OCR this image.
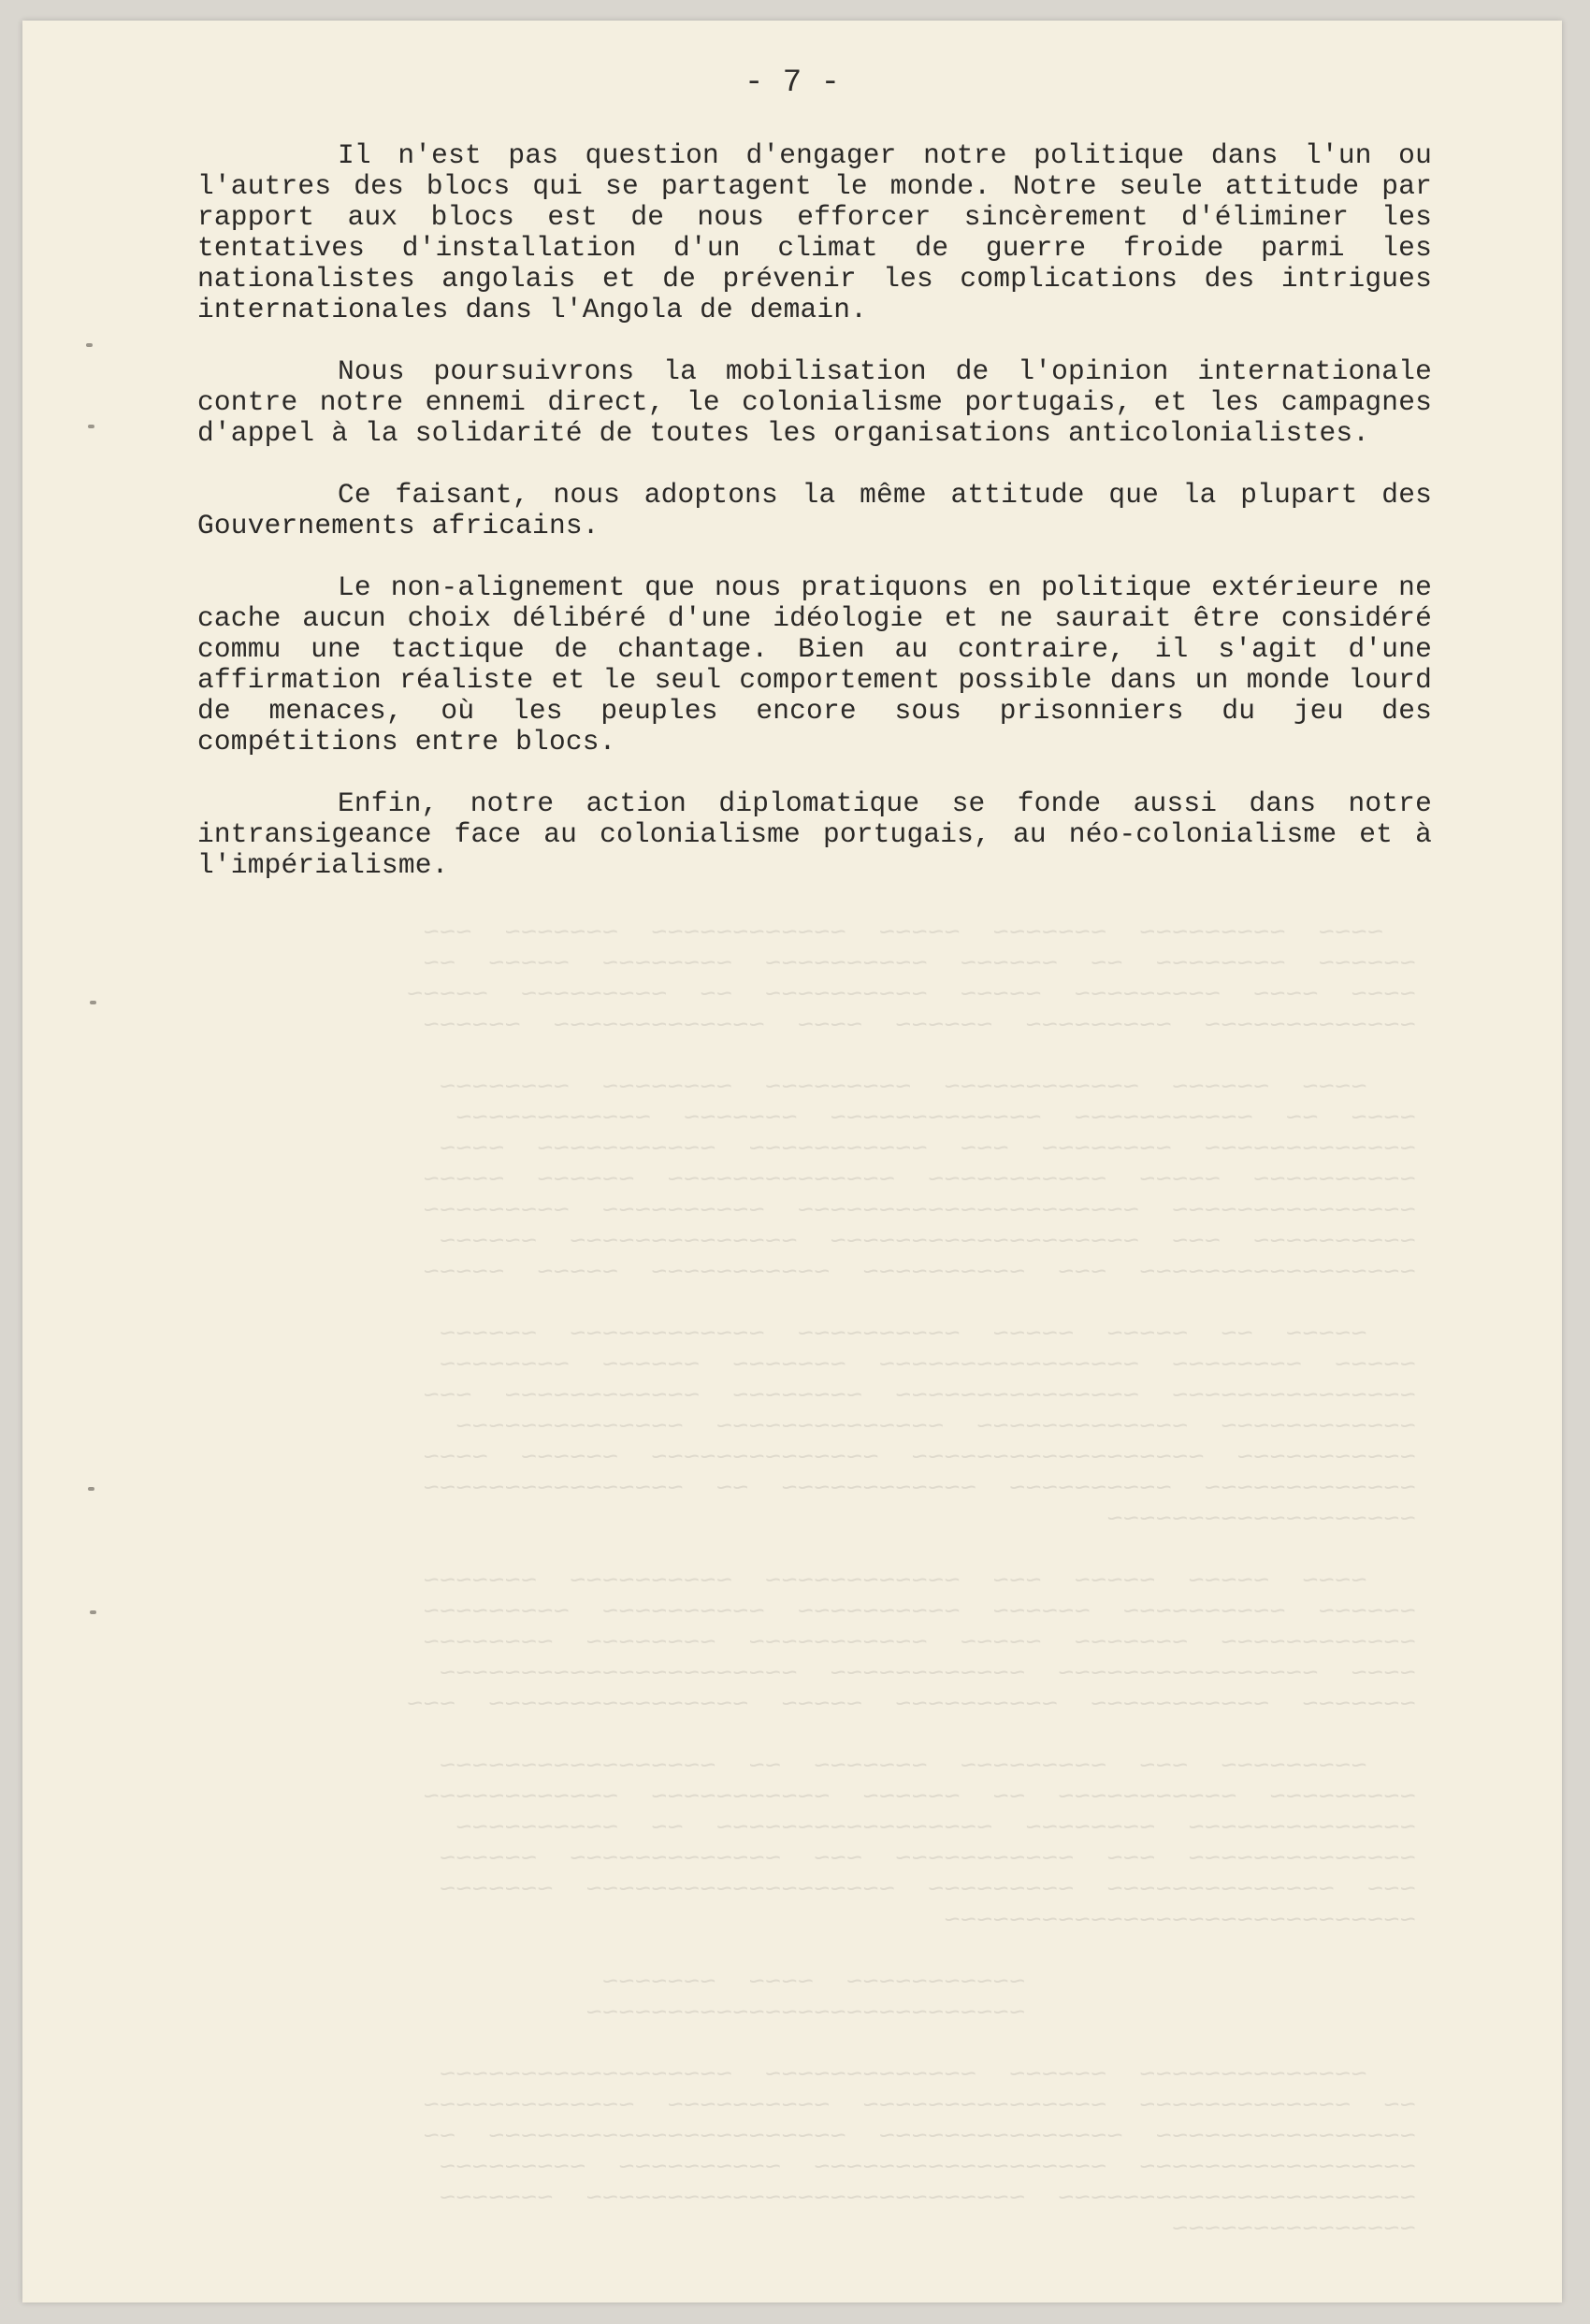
~~~~  ~~~~~~~~~  ~~~~~~~  ~~~~~  ~~~~~~~~~~~~  ~~~~~~~  ~~~
~~~~~~  ~~~~~~~~  ~~  ~~~~~~  ~~~~~~~~~~  ~~~~~~~~  ~~~~~  ~~
~~~~  ~~~~  ~~~~~~~~~  ~~~~~  ~~~~~~~~~~  ~~  ~~~~~~~~~  ~~~~~
~~~~~~~~~~~~~  ~~~~~~~~~  ~~~~~~  ~~~~  ~~~~~~~~~~~~~  ~~~~~~

~~~~  ~~~~~~  ~~~~~~~~~~~~  ~~~~~~~~~  ~~~~~~~~  ~~~~~~~~
~~~~  ~~  ~~~~~~~~~~~  ~~~~~~~~~~~~~  ~~~~~~~  ~~~~~~~~~~~~
~~~~~~~~~~~~~  ~~~~~~~~  ~~~  ~~~~~~~~~~~  ~~~~~~~~~~~  ~~~~
~~~~~~~~~~  ~~~~~  ~~~~~~~~~~~  ~~~~~~~~~~~~~~  ~~~~~~  ~~~~~
~~~~~~~~~~~~~~~  ~~~~~~~~~~~~~~~~~~~~~  ~~~~~~~~~~  ~~~~~~~~~
~~~~~~~~~~  ~~~  ~~~~~~~~~~~~~~~~~~~  ~~~~~~~~~~~~~~  ~~~~~~
~~~~~~~~~~~~~~~~~  ~~~  ~~~~~~~~~~  ~~~~~~~~~~~  ~~~~~  ~~~~~

~~~~~  ~~  ~~~~~  ~~~~~  ~~~~~~~~~~  ~~~~~~~~~~~~  ~~~~~~
~~~~~  ~~~~~~~~  ~~~~~~~~~~~~~~~~  ~~~~~~~  ~~~~~~  ~~~~~~~~
~~~~~~~~~~~~~~~  ~~~~~~~~~~~~~~~  ~~~~~~~~  ~~~~~~~~~~~~  ~~~
~~~~~~~~~~~~  ~~~~~~~~~~~~~  ~~~~~~~~~~~~~~  ~~~~~~~~~~~~~~
~~~~~~~~~~~  ~~~~~~~~~~~~~~~~~~  ~~~~~~~~~~~~~~  ~~~~~~  ~~~~
~~~~~~~~~~~~~  ~~~~~~~~~~  ~~~~~~~~~~~~  ~~  ~~~~~~~~~~~~~~~~
~~~~~~~~~~~~~~~~~~~

~~~~  ~~~~~  ~~~~~  ~~~  ~~~~~~~~~~~~  ~~~~~~~~~~  ~~~~~~~
~~~~~~  ~~~~~~~~~~  ~~~~~~  ~~~~~~~~~~  ~~~~~~~~~~  ~~~~~~~~~
~~~~~~~~~~~~  ~~~~~~~  ~~~~~  ~~~~~~~~~~~  ~~~~~~~~  ~~~~~~~~
~~~~  ~~~~~~~~~~~~~~~~  ~~~~~~~~~~~~  ~~~~~~~~~~~~~~~~~~~~~~
~~~~~~~  ~~~~~~~~~~~  ~~~~~~~~~~  ~~~~~  ~~~~~~~~~~~~~~~~  ~~~

~~~~~~~~~  ~~~  ~~~~~~~~~  ~~~~~~~  ~~  ~~~~~~~~~~~~~~~~~
~~~~~~~~~  ~~~~~~~~~~~  ~~  ~~~~~~  ~~~~~~~~~~~  ~~~~~~~~~~~~
~~~~~~~~~~~~~~  ~~~~~~~~  ~~~~~~~~~~~~~~~~~  ~~  ~~~~~~~~~~
~~~~~~~~~~~~~~  ~~~  ~~~~~~~~~~~  ~~~  ~~~~~~~~~~~~~  ~~~~~~
~~~  ~~~~~~~~~~~~~~  ~~~~~~~~~  ~~~~~~~~~~~~~~~~~~~  ~~~~~~~
~~~~~~~~~~~~~~~~~~~~~~~~~~~~~

~~~~~~~~~~~  ~~~~  ~~~~~~~
~~~~~~~~~~~~~~~~~~~~~~~~~~~

~~~~~~~~~~~~~~  ~~~~~~  ~~~~~~~~~~~~~  ~~~~~~~~~~~~~~~~~~
~~  ~~~~~~~~~~~~~  ~~~~~~~~~~~~~~~  ~~~~~~~~~~  ~~~~~~~~~~~~~
~~~~~~~~~~~~~~~~  ~~~~~~~~~~~~~~~  ~~~~~~~~~~~~~~~~~~~~~~  ~~
~~~~~~~~~~~~~~~~~  ~~~~~~~~~~~~~~~~~~  ~~~~~~~~~~  ~~~~~~~~~
~~~~~~~~~~~~~~~~~~~~~~  ~~~~~~~~~~~~~~~~~~~~~~~~~~~  ~~~~~~~
~~~~~~~~~~~~~~~
- 7 -

Il n'est pas question d'engager notre politique dans l'un ou l'autres des blocs qui se partagent le monde. Notre seule attitude par rapport aux blocs est de nous efforcer sincèrement d'éliminer les tentatives d'installation d'un climat de guerre froide parmi les nationalistes angolais et de prévenir les complications des intrigues internationales dans l'Angola de demain.

Nous poursuivrons la mobilisation de l'opinion internationale contre notre ennemi direct, le colonialisme portugais, et les campagnes d'appel à la solidarité de toutes les organisations anticolonialistes.

Ce faisant, nous adoptons la même attitude que la plupart des Gouvernements africains.

Le non-alignement que nous pratiquons en politique extérieure ne cache aucun choix délibéré d'une idéologie et ne saurait être considéré commu une tactique de chantage. Bien au contraire, il s'agit d'une affirmation réaliste et le seul comportement possible dans un monde lourd de menaces, où les peuples encore sous prisonniers du jeu des compétitions entre blocs.

Enfin, notre action diplomatique se fonde aussi dans notre intransigeance face au colonialisme portugais, au néo-colonialisme et à l'impérialisme.
